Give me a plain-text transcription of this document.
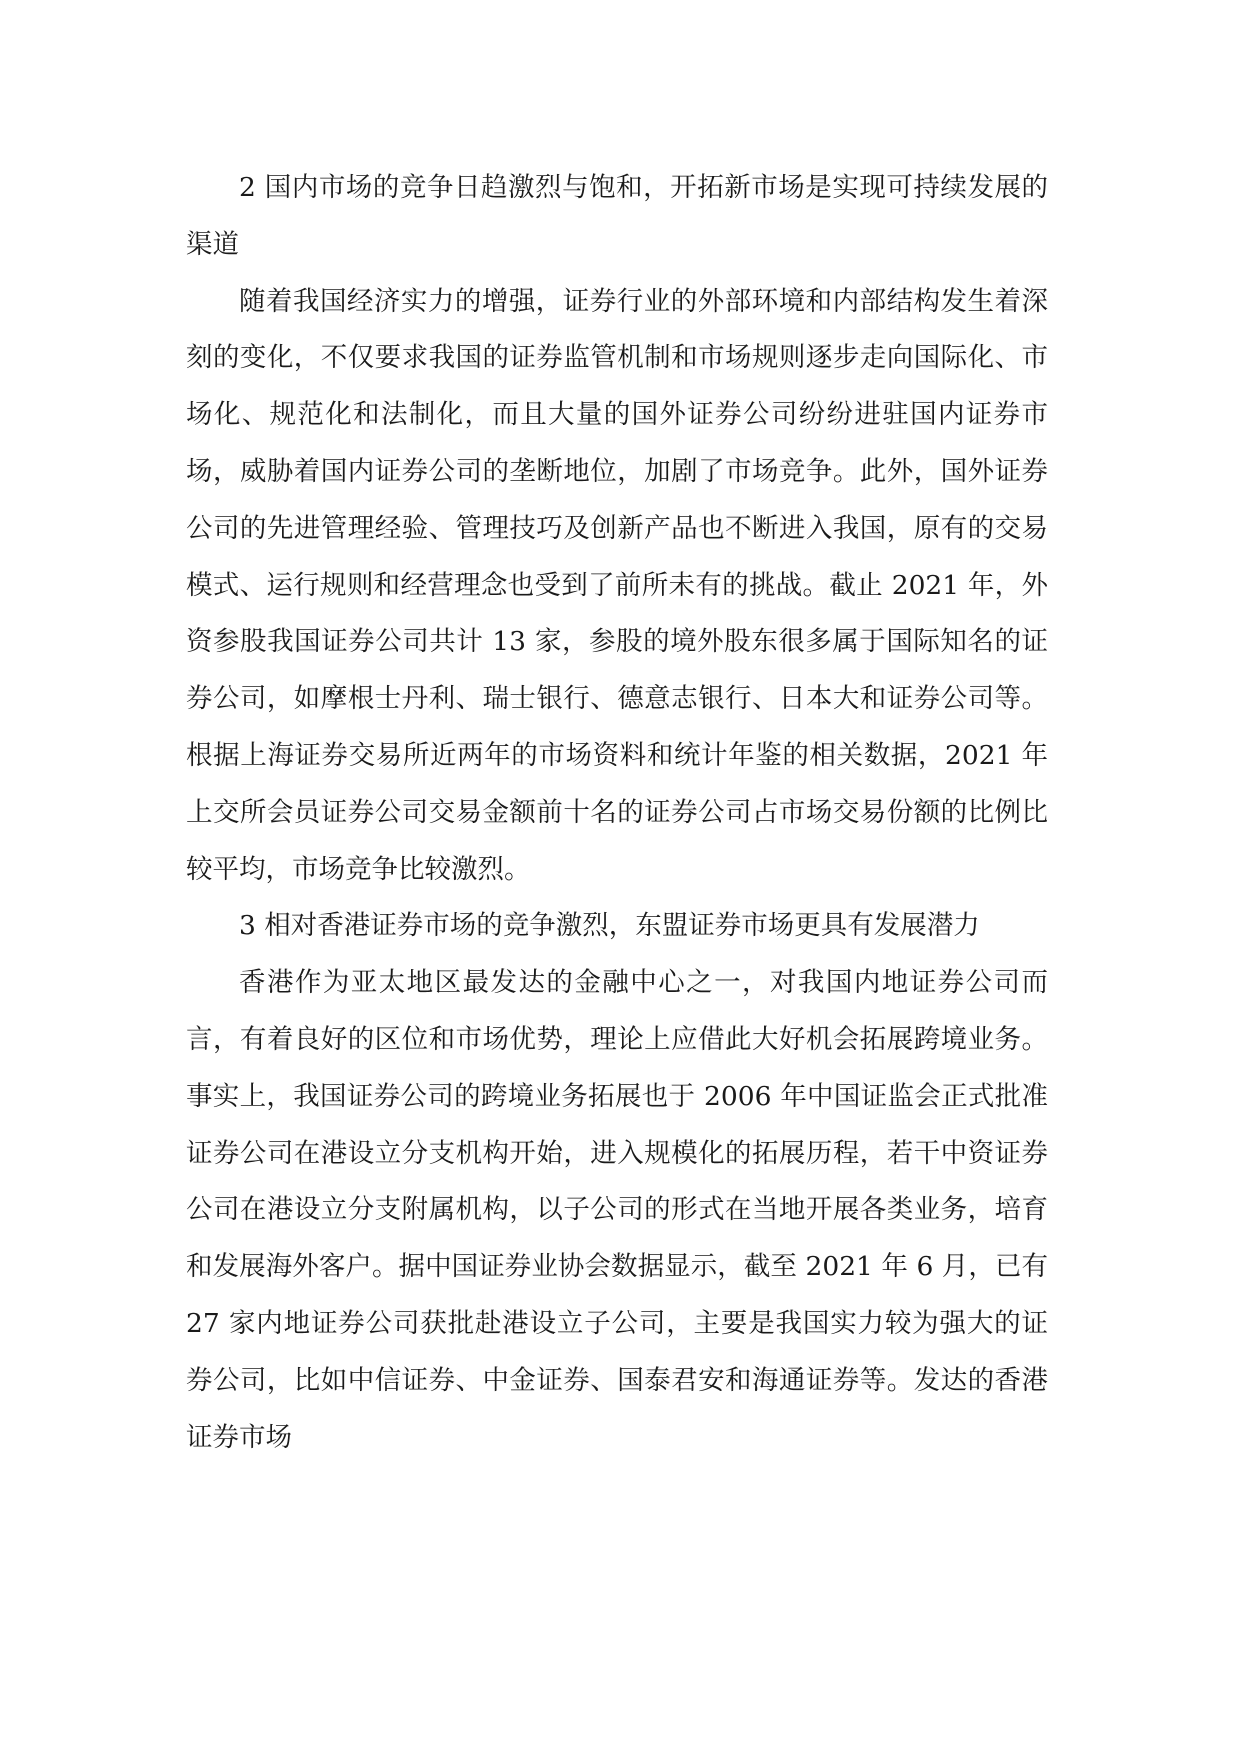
2 国内市场的竞争日趋激烈与饱和，开拓新市场是实现可持续发展的渠道

随着我国经济实力的增强，证券行业的外部环境和内部结构发生着深刻的变化，不仅要求我国的证券监管机制和市场规则逐步走向国际化、市场化、规范化和法制化，而且大量的国外证券公司纷纷进驻国内证券市场，威胁着国内证券公司的垄断地位，加剧了市场竞争。此外，国外证券公司的先进管理经验、管理技巧及创新产品也不断进入我国，原有的交易模式、运行规则和经营理念也受到了前所未有的挑战。截止 2021 年，外资参股我国证券公司共计 13 家，参股的境外股东很多属于国际知名的证券公司，如摩根士丹利、瑞士银行、德意志银行、日本大和证券公司等。根据上海证券交易所近两年的市场资料和统计年鉴的相关数据，2021 年上交所会员证券公司交易金额前十名的证券公司占市场交易份额的比例比较平均，市场竞争比较激烈。

3 相对香港证券市场的竞争激烈，东盟证券市场更具有发展潜力

香港作为亚太地区最发达的金融中心之一，对我国内地证券公司而言，有着良好的区位和市场优势，理论上应借此大好机会拓展跨境业务。事实上，我国证券公司的跨境业务拓展也于 2006 年中国证监会正式批准证券公司在港设立分支机构开始，进入规模化的拓展历程，若干中资证券公司在港设立分支附属机构，以子公司的形式在当地开展各类业务，培育和发展海外客户。据中国证券业协会数据显示，截至 2021 年 6 月，已有 27 家内地证券公司获批赴港设立子公司，主要是我国实力较为强大的证券公司，比如中信证券、中金证券、国泰君安和海通证券等。发达的香港证券市场
